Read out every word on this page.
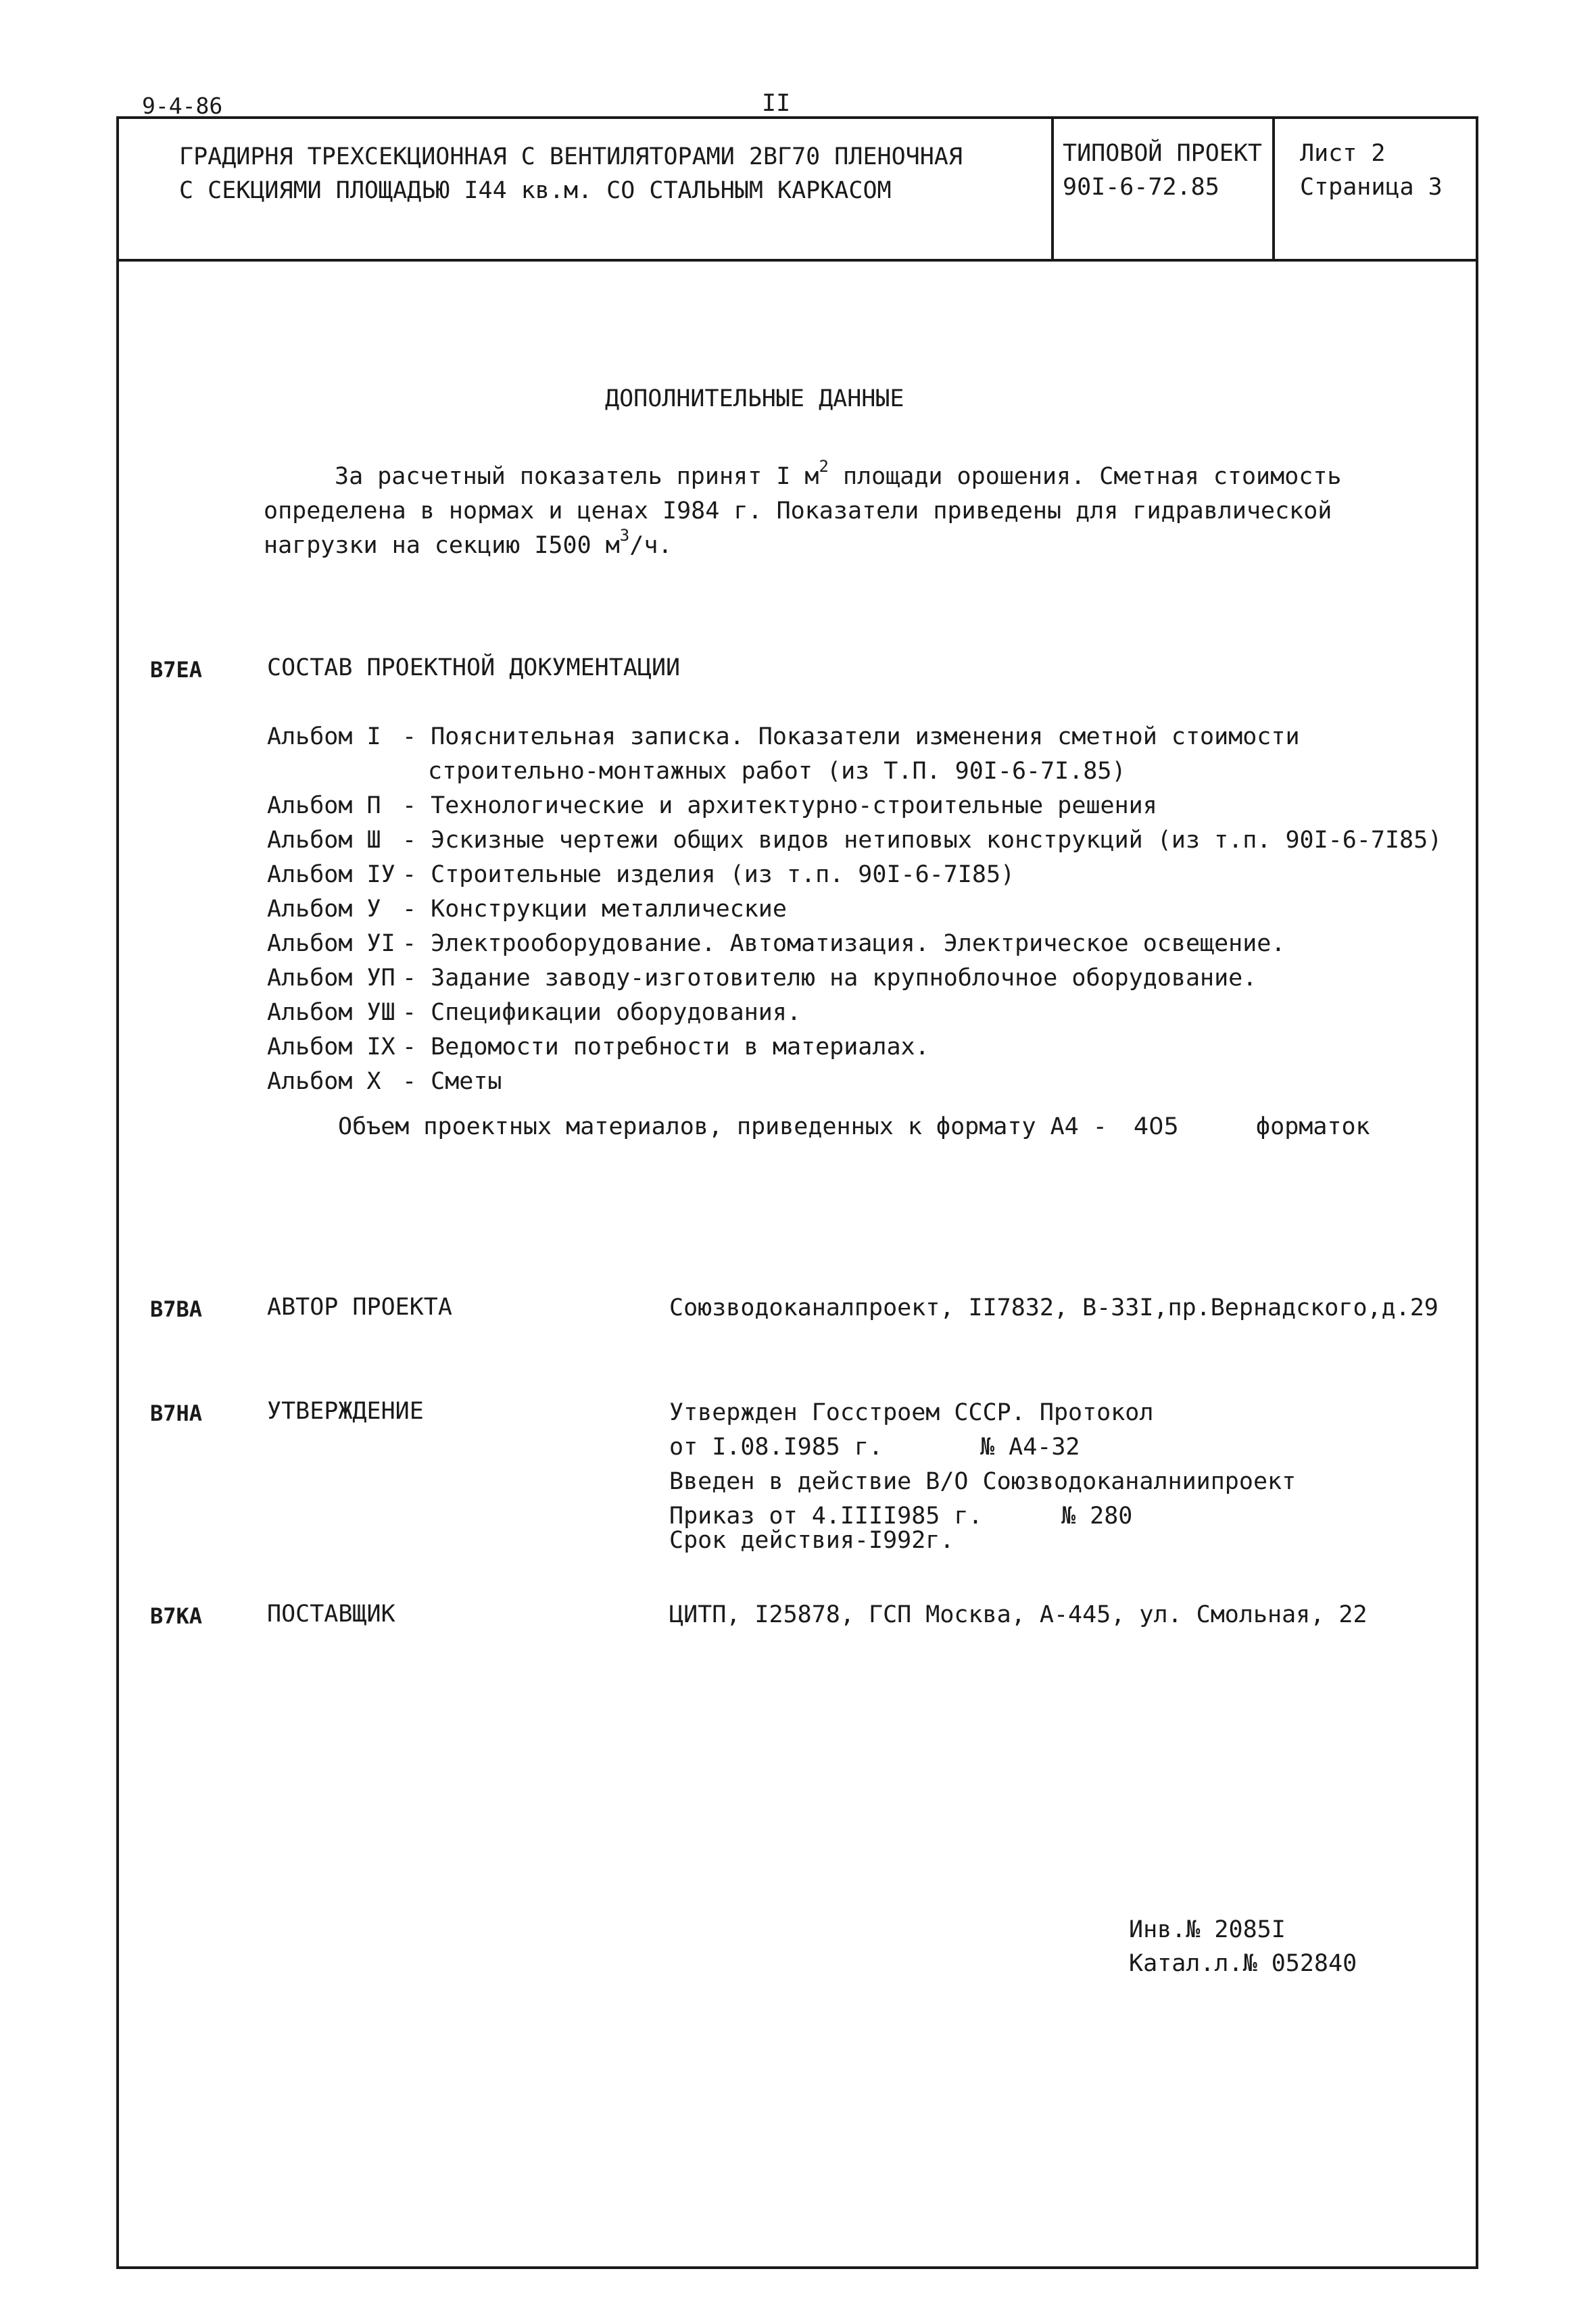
9-4-86	II
ГРАДИРНЯ ТРЕХСЕКЦИОННАЯ С ВЕНТИЛЯТОРАМИ 2ВГ70 ПЛЕНОЧНАЯ
С СЕКЦИЯМИ ПЛОЩАДЬЮ I44 кв.м. СО СТАЛЬНЫМ КАРКАСОМ
ТИПОВОЙ ПРОЕКТ
90I-6-72.85
Лист 2
Страница 3
ДОПОЛНИТЕЛЬНЫЕ ДАННЫЕ
За расчетный показатель принят I $м^2$ площади орошения. Сметная стоимость
определена в нормах и ценах I984 г. Показатели приведены для гидравлической
нагрузки на секцию I500 $м^3/ч$.
В7ЕА	СОСТАВ ПРОЕКТНОЙ ДОКУМЕНТАЦИИ
Альбом I - Пояснительная записка. Показатели изменения сметной стоимости
строительно-монтажных работ (из Т.П. 90I-6-7I.85)
Альбом П - Технологические и архитектурно-строительные решения
Альбом Ш - Эскизные чертежи общих видов нетиповых конструкций (из т.п. 90I-6-7I85)
Альбом IУ - Строительные изделия (из т.п. 90I-6-7I85)
Альбом У - Конструкции металлические
Альбом УI - Электрооборудование. Автоматизация. Электрическое освещение.
Альбом УП - Задание заводу-изготовителю на крупноблочное оборудование.
Альбом УШ - Спецификации оборудования.
Альбом IX - Ведомости потребности в материалах.
Альбом X - Сметы
Объем проектных материалов, приведенных к формату А4 - 405	форматок
В7ВА	АВТОР ПРОЕКТА	Союзводоканалпроект, II7832, В-33I,пр.Вернадского,д.29
В7НА	УТВЕРЖДЕНИЕ	Утвержден Госстроем СССР. Протокол
от I.08.I985 г.	№ А4-32
Введен в действие В/О Союзводоканалниипроект
Приказ от 4.IIII985 г.	№ 280
Срок действия-I992г.
В7КА	ПОСТАВЩИК	ЦИТП, I25878, ГСП Москва, А-445, ул. Смольная, 22
Инв.№ 2085I
Катал.л.№ 052840
